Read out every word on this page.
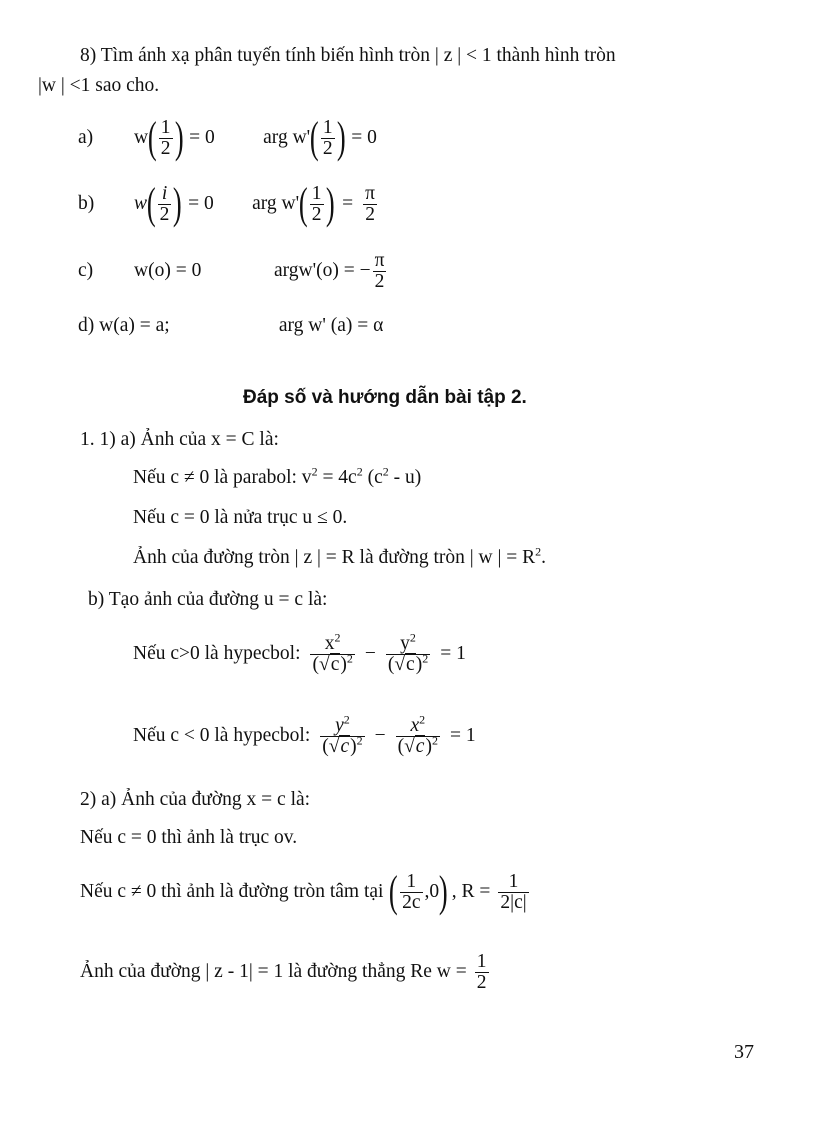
8) Tìm ánh xạ phân tuyến tính biến hình tròn | z | < 1 thành hình tròn
|w | <1 sao cho.
a)	w ( $\frac{1}{2}$ ) = 0	arg w' ( $\frac{1}{2}$ ) = 0
b)	w ( $\frac{i}{2}$ ) = 0	arg w' ( $\frac{1}{2}$ ) = $\frac{\pi}{2}$
c)	w(o) = 0	argw'(o) = − $\frac{\pi}{2}$
d) w(a) = a;	arg w' (a) = α
Đáp số và hướng dẫn bài tập 2.
1. 1) a) Ảnh của x = C là:
Nếu c ≠ 0 là parabol: $v^2 = 4c^2$ $(c^2 - u)$
Nếu c = 0 là nửa trục u ≤ 0.
Ảnh của đường tròn | z | = R là đường tròn | w | = $R^2$.
b) Tạo ảnh của đường u = c là:
Nếu c>0 là hypecbol: $\frac{x^2}{(√c)^2} - \frac{y^2}{(√c)^2} = 1$
Nếu c < 0 là hypecbol: $\frac{y^2}{(√c)^2} - \frac{x^2}{(√c)^2} = 1$
2) a) Ảnh của đường x = c là:
Nếu c = 0 thì ảnh là trục ov.
Nếu c ≠ 0 thì ảnh là đường tròn tâm tại ( $\frac{1}{2c} ,0$ ) , $R = \frac{1}{2|c|}$
Ảnh của đường | z - 1| = 1 là đường thẳng Re $w = \frac{1}{2}$
37
